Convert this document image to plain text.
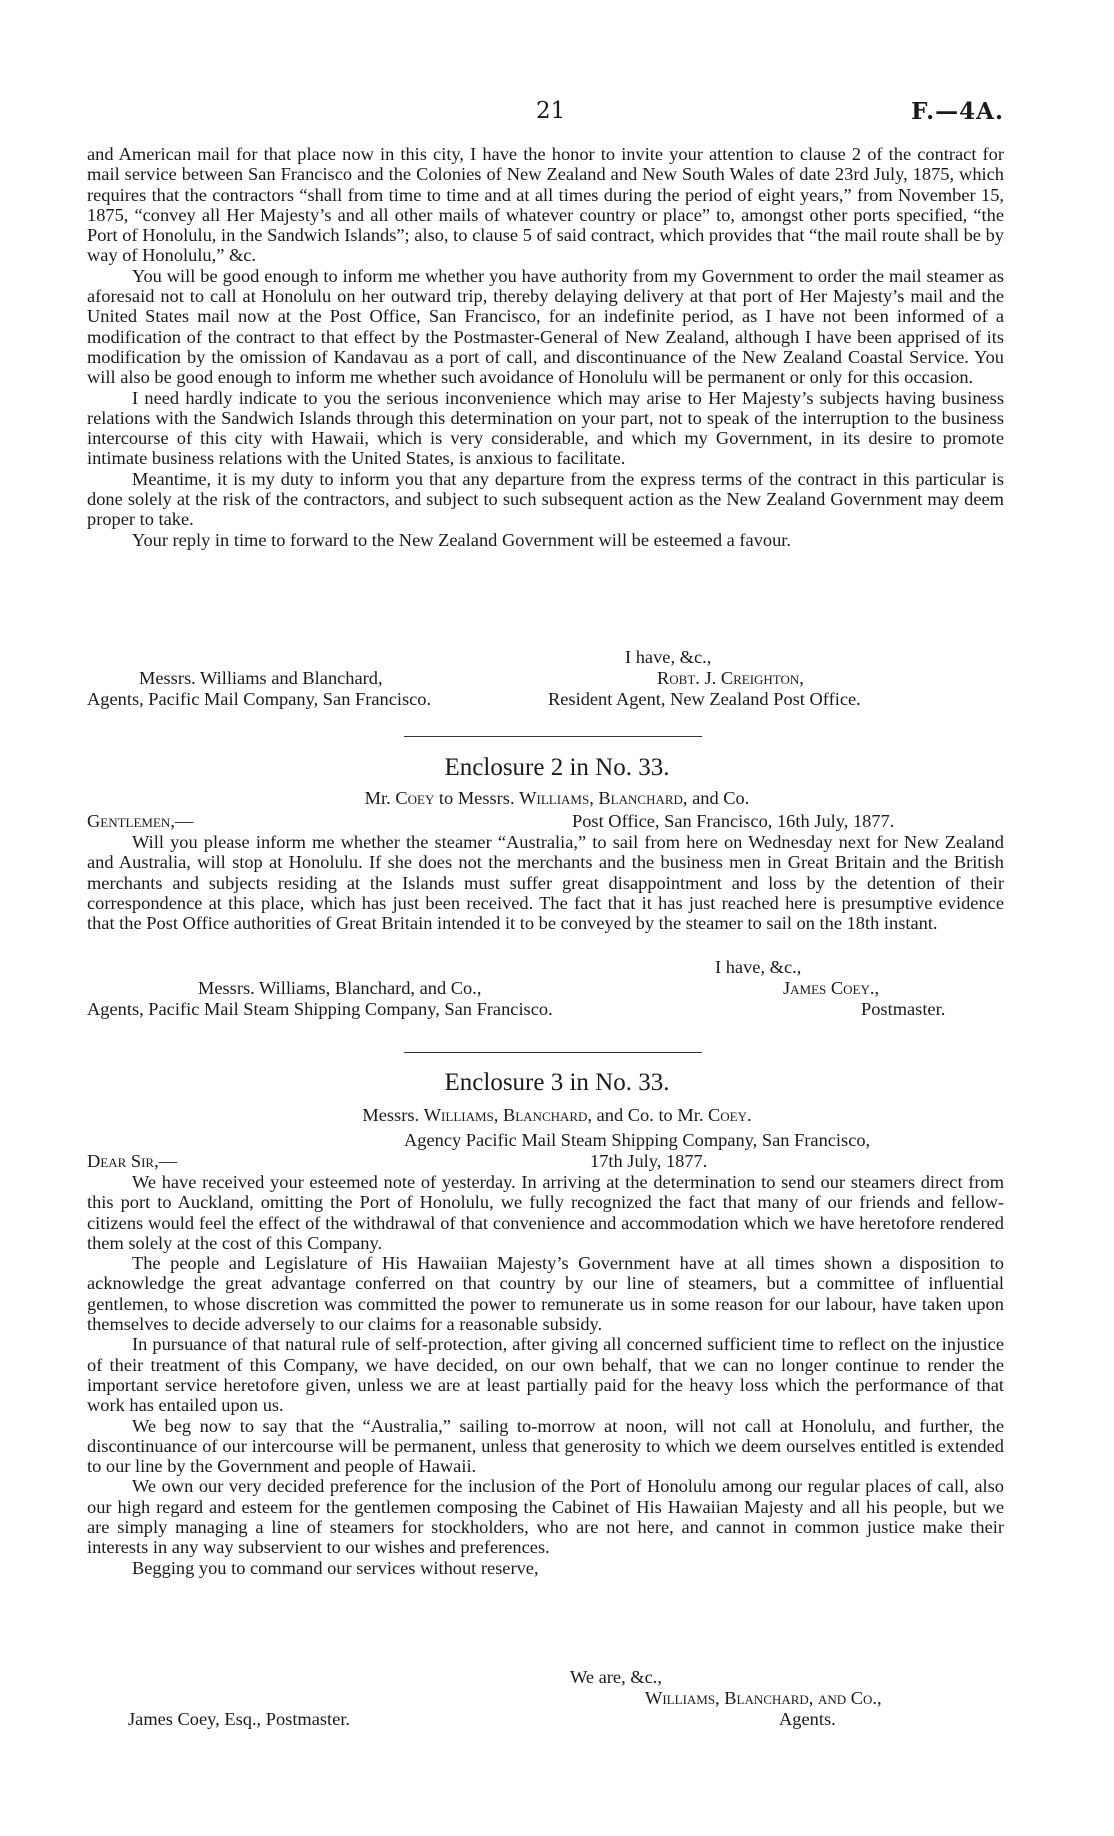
21	F.—4A.

and American mail for that place now in this city, I have the honor to invite your attention to clause 2 of the contract for mail service between San Francisco and the Colonies of New Zealand and New South Wales of date 23rd July, 1875, which requires that the contractors “shall from time to time and at all times during the period of eight years,” from November 15, 1875, “convey all Her Majesty’s and all other mails of whatever country or place” to, amongst other ports specified, “the Port of Honolulu, in the Sandwich Islands”; also, to clause 5 of said contract, which provides that “the mail route shall be by way of Honolulu,” &c.

You will be good enough to inform me whether you have authority from my Government to order the mail steamer as aforesaid not to call at Honolulu on her outward trip, thereby delaying delivery at that port of Her Majesty’s mail and the United States mail now at the Post Office, San Francisco, for an indefinite period, as I have not been informed of a modification of the contract to that effect by the Postmaster-General of New Zealand, although I have been apprised of its modification by the omission of Kandavau as a port of call, and discontinuance of the New Zealand Coastal Service. You will also be good enough to inform me whether such avoidance of Honolulu will be permanent or only for this occasion.

I need hardly indicate to you the serious inconvenience which may arise to Her Majesty’s subjects having business relations with the Sandwich Islands through this determination on your part, not to speak of the interruption to the business intercourse of this city with Hawaii, which is very considerable, and which my Government, in its desire to promote intimate business relations with the United States, is anxious to facilitate.

Meantime, it is my duty to inform you that any departure from the express terms of the contract in this particular is done solely at the risk of the contractors, and subject to such subsequent action as the New Zealand Government may deem proper to take.

Your reply in time to forward to the New Zealand Government will be esteemed a favour.

I have, &c.,
Messrs. Williams and Blanchard,	Robt. J. Creighton,
Agents, Pacific Mail Company, San Francisco.	Resident Agent, New Zealand Post Office.
Enclosure 2 in No. 33.
Mr. Coey to Messrs. Williams, Blanchard, and Co.
Gentlemen,—	Post Office, San Francisco, 16th July, 1877.

Will you please inform me whether the steamer “Australia,” to sail from here on Wednesday next for New Zealand and Australia, will stop at Honolulu. If she does not the merchants and the business men in Great Britain and the British merchants and subjects residing at the Islands must suffer great disappointment and loss by the detention of their correspondence at this place, which has just been received. The fact that it has just reached here is presumptive evidence that the Post Office authorities of Great Britain intended it to be conveyed by the steamer to sail on the 18th instant.

I have, &c.,
Messrs. Williams, Blanchard, and Co.,	James Coey.,
Agents, Pacific Mail Steam Shipping Company, San Francisco.	Postmaster.
Enclosure 3 in No. 33.
Messrs. Williams, Blanchard, and Co. to Mr. Coey.
Agency Pacific Mail Steam Shipping Company, San Francisco,
Dear Sir,—	17th July, 1877.

We have received your esteemed note of yesterday. In arriving at the determination to send our steamers direct from this port to Auckland, omitting the Port of Honolulu, we fully recognized the fact that many of our friends and fellow-citizens would feel the effect of the withdrawal of that convenience and accommodation which we have heretofore rendered them solely at the cost of this Company.

The people and Legislature of His Hawaiian Majesty’s Government have at all times shown a disposition to acknowledge the great advantage conferred on that country by our line of steamers, but a committee of influential gentlemen, to whose discretion was committed the power to remunerate us in some reason for our labour, have taken upon themselves to decide adversely to our claims for a reasonable subsidy.

In pursuance of that natural rule of self-protection, after giving all concerned sufficient time to reflect on the injustice of their treatment of this Company, we have decided, on our own behalf, that we can no longer continue to render the important service heretofore given, unless we are at least partially paid for the heavy loss which the performance of that work has entailed upon us.

We beg now to say that the “Australia,” sailing to-morrow at noon, will not call at Honolulu, and further, the discontinuance of our intercourse will be permanent, unless that generosity to which we deem ourselves entitled is extended to our line by the Government and people of Hawaii.

We own our very decided preference for the inclusion of the Port of Honolulu among our regular places of call, also our high regard and esteem for the gentlemen composing the Cabinet of His Hawaiian Majesty and all his people, but we are simply managing a line of steamers for stockholders, who are not here, and cannot in common justice make their interests in any way subservient to our wishes and preferences.

Begging you to command our services without reserve,

We are, &c.,
Williams, Blanchard, and Co.,
James Coey, Esq., Postmaster.	Agents.
